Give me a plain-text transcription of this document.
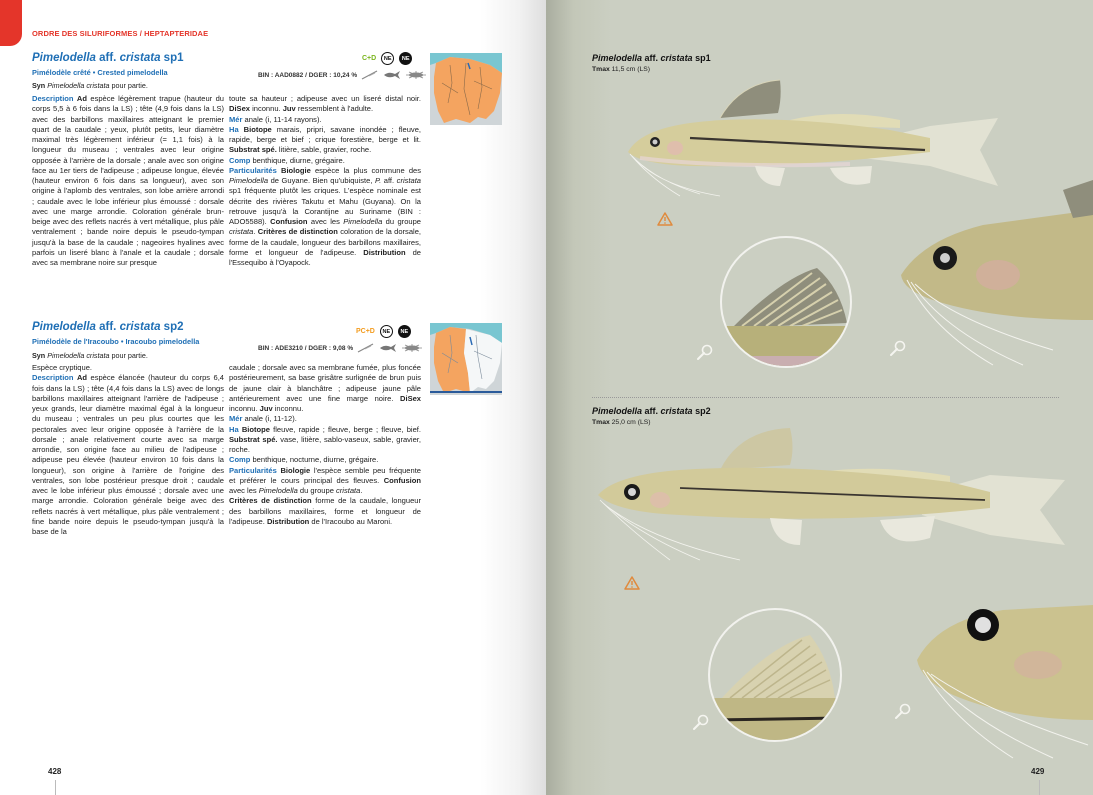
ORDRE DES SILURIFORMES / HEPTAPTERIDAE
Pimelodella aff. cristata sp1
Pimélodèle crêté • Crested pimelodella
Syn Pimelodella cristata pour partie.
C+D	NE	NE
BIN : AAD0882 / DGER : 10,24 %
Description Ad espèce légèrement trapue (hauteur du corps 5,5 à 6 fois dans la LS) ; tête (4,9 fois dans la LS) avec des barbillons maxillaires atteignant le premier quart de la caudale ; yeux, plutôt petits, leur diamètre maximal très légèrement inférieur (= 1,1 fois) à la longueur du museau ; ventrales avec leur origine opposée à l'arrière de la dorsale ; anale avec son origine face au 1er tiers de l'adipeuse ; adipeuse longue, élevée (hauteur environ 6 fois dans sa longueur), avec son origine à l'aplomb des ventrales, son lobe arrière arrondi ; caudale avec le lobe inférieur plus émoussé : dorsale avec une marge arrondie. Coloration générale brun-beige avec des reflets nacrés à vert métallique, plus pâle ventralement ; bande noire depuis le pseudo-tympan jusqu'à la base de la caudale ; nageoires hyalines avec parfois un liseré blanc à l'anale et la caudale ; dorsale avec sa membrane noire sur presque
toute sa hauteur ; adipeuse avec un liseré distal noir. DiSex inconnu. Juv ressemblent à l'adulte.
Mér anale (i, 11-14 rayons).
Ha Biotope marais, pripri, savane inondée ; fleuve, rapide, berge et bief ; crique forestière, berge et lit. Substrat spé. litière, sable, gravier, roche.
Comp benthique, diurne, grégaire.
Particularités Biologie espèce la plus commune des Pimelodella de Guyane. Bien qu'ubiquiste, P. aff. cristata sp1 fréquente plutôt les criques. L'espèce nominale est décrite des rivières Takutu et Mahu (Guyana). On la retrouve jusqu'à la Corantijne au Suriname (BIN : ADO5588). Confusion avec les Pimelodella du groupe cristata. Critères de distinction coloration de la dorsale, forme de la caudale, longueur des barbillons maxillaires, forme et longueur de l'adipeuse. Distribution de l'Essequibo à l'Oyapock.
Pimelodella aff. cristata sp2
Pimélodèle de l'Iracoubo • Iracoubo pimelodella
Syn Pimelodella cristata pour partie.
PC+D	NE	NE
BIN : ADE3210 / DGER : 9,08 %
Espèce cryptique.
Description Ad espèce élancée (hauteur du corps 6,4 fois dans la LS) ; tête (4,4 fois dans la LS) avec de longs barbillons maxillaires atteignant l'arrière de l'adipeuse ; yeux grands, leur diamètre maximal égal à la longueur du museau ; ventrales un peu plus courtes que les pectorales avec leur origine opposée à l'arrière de la dorsale ; anale relativement courte avec sa marge arrondie, son origine face au milieu de l'adipeuse ; adipeuse peu élevée (hauteur environ 10 fois dans la longueur), son origine à l'arrière de l'origine des ventrales, son lobe postérieur presque droit ; caudale avec le lobe inférieur plus émoussé ; dorsale avec une marge arrondie. Coloration générale beige avec des reflets nacrés à vert métallique, plus pâle ventralement ; fine bande noire depuis le pseudo-tympan jusqu'à la base de la
caudale ; dorsale avec sa membrane fumée, plus foncée postérieurement, sa base grisâtre surlignée de brun puis de jaune clair à blanchâtre ; adipeuse jaune pâle antérieurement avec une fine marge noire. DiSex inconnu. Juv inconnu.
Mér anale (i, 11-12).
Ha Biotope fleuve, rapide ; fleuve, berge ; fleuve, bief. Substrat spé. vase, litière, sablo-vaseux, sable, gravier, roche.
Comp benthique, nocturne, diurne, grégaire.
Particularités Biologie l'espèce semble peu fréquente et préférer le cours principal des fleuves. Confusion avec les Pimelodella du groupe cristata.
Critères de distinction forme de la caudale, longueur des barbillons maxillaires, forme et longueur de l'adipeuse. Distribution de l'Iracoubo au Maroni.
428
Pimelodella aff. cristata sp1
Tmax 11,5 cm (LS)
Pimelodella aff. cristata sp2
Tmax 25,0 cm (LS)
429
